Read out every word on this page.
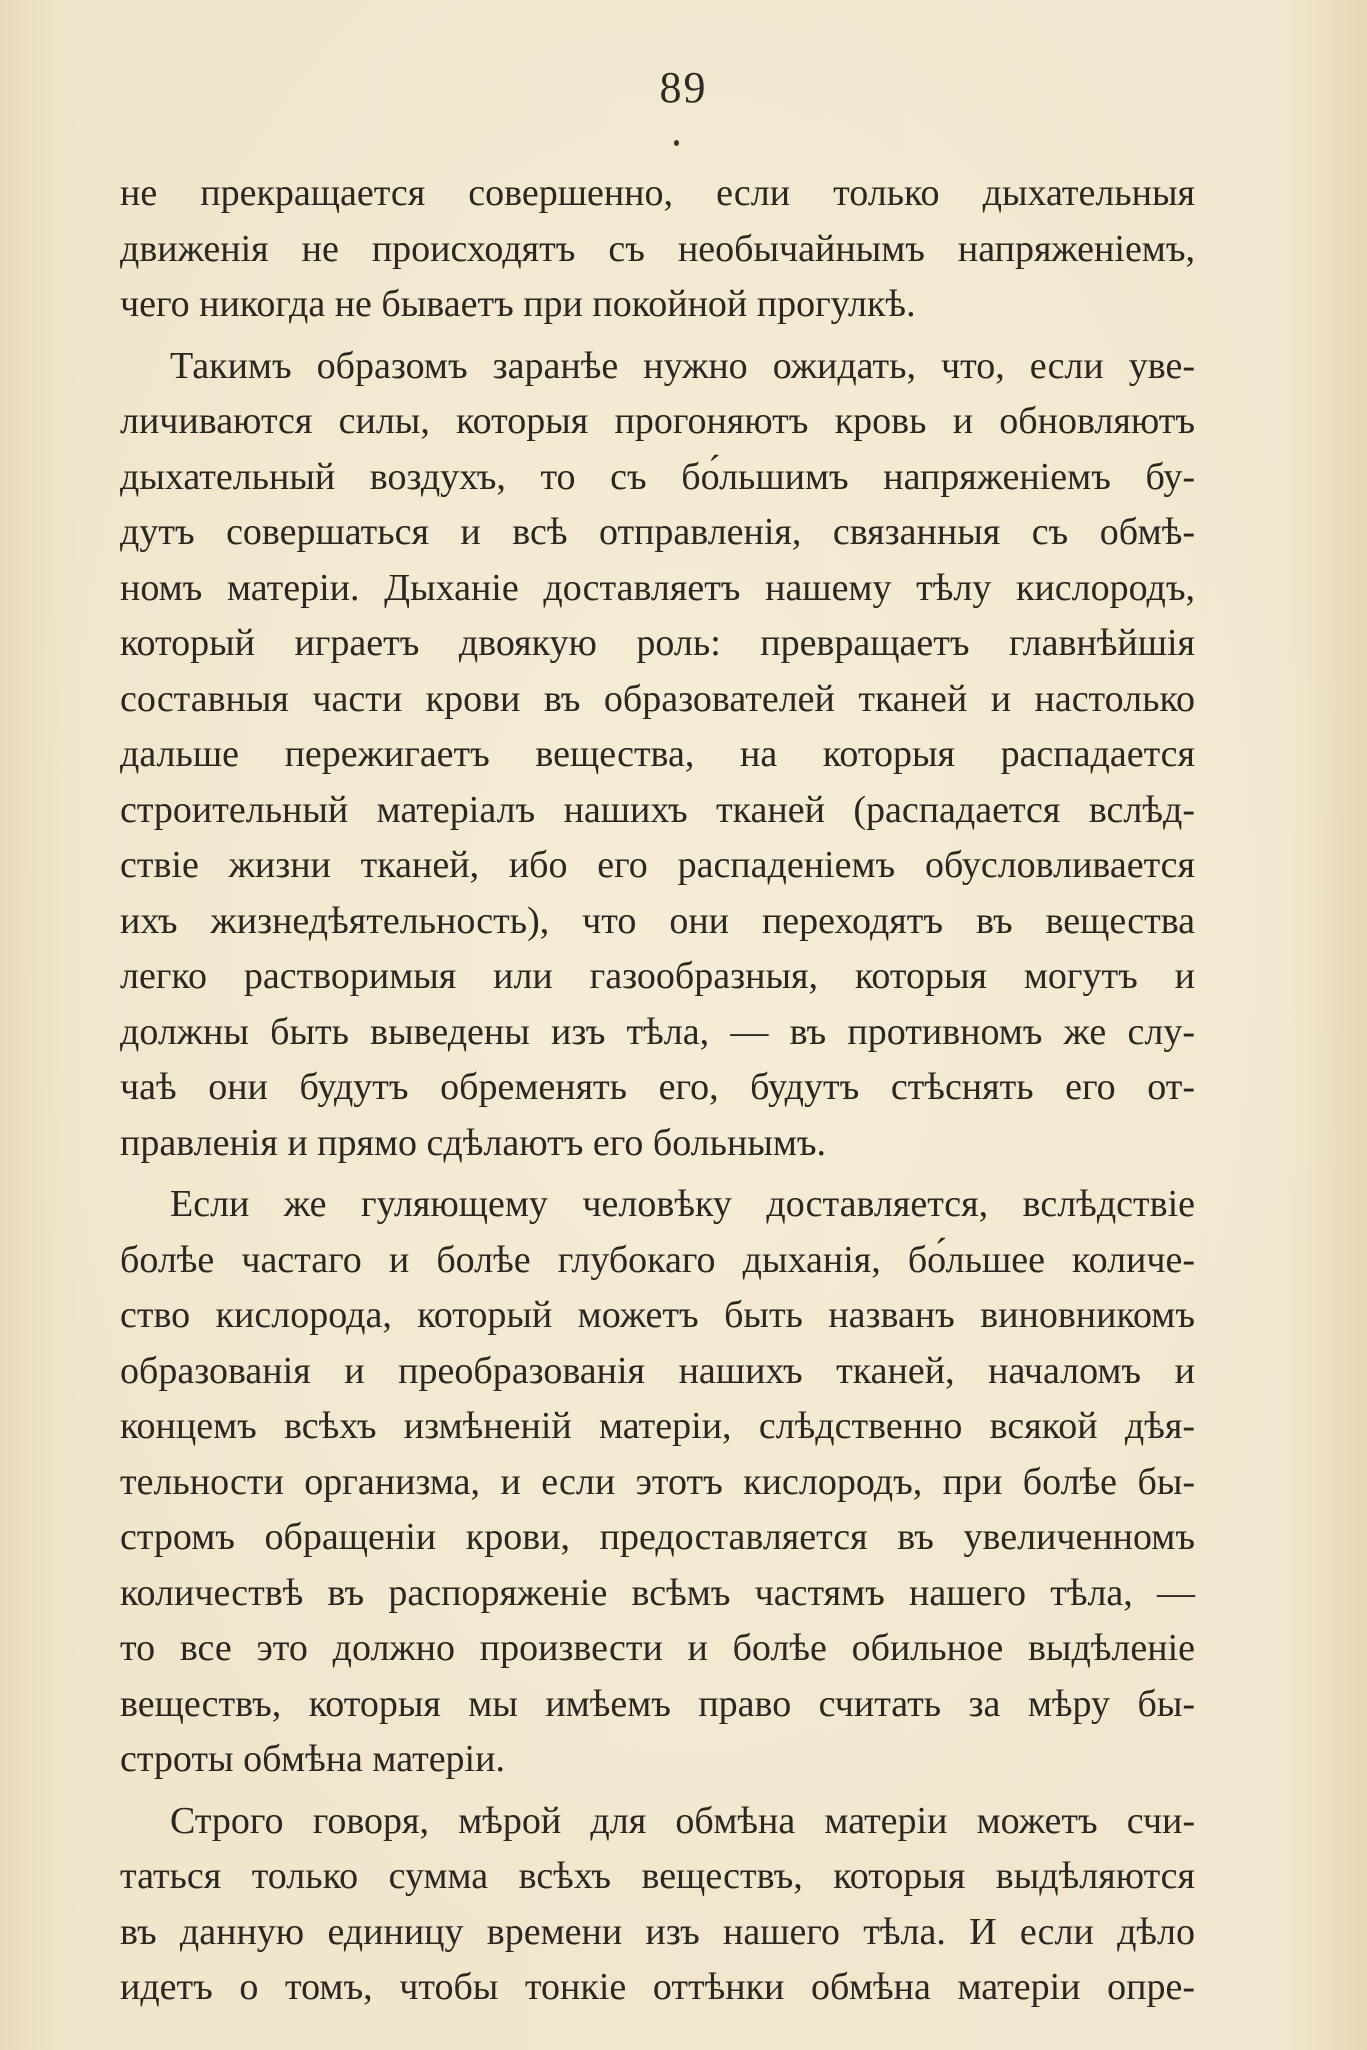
89
не прекращается совершенно, если только дыхательныя
движенія не происходятъ съ необычайнымъ напряженіемъ,
чего никогда не бываетъ при покойной прогулкѣ.
Такимъ образомъ заранѣе нужно ожидать, что, если уве-
личиваются силы, которыя прогоняютъ кровь и обновляютъ
дыхательный воздухъ, то съ бо́льшимъ напряженіемъ бу-
дутъ совершаться и всѣ отправленія, связанныя съ обмѣ-
номъ матеріи. Дыханіе доставляетъ нашему тѣлу кислородъ,
который играетъ двоякую роль: превращаетъ главнѣйшія
составныя части крови въ образователей тканей и настолько
дальше пережигаетъ вещества, на которыя распадается
строительный матеріалъ нашихъ тканей (распадается вслѣд-
ствіе жизни тканей, ибо его распаденіемъ обусловливается
ихъ жизнедѣятельность), что они переходятъ въ вещества
легко растворимыя или газообразныя, которыя могутъ и
должны быть выведены изъ тѣла, — въ противномъ же слу-
чаѣ они будутъ обременять его, будутъ стѣснять его от-
правленія и прямо сдѣлаютъ его больнымъ.
Если же гуляющему человѣку доставляется, вслѣдствіе
болѣе частаго и болѣе глубокаго дыханія, бо́льшее количе-
ство кислорода, который можетъ быть названъ виновникомъ
образованія и преобразованія нашихъ тканей, началомъ и
концемъ всѣхъ измѣненій матеріи, слѣдственно всякой дѣя-
тельности организма, и если этотъ кислородъ, при болѣе бы-
стромъ обращеніи крови, предоставляется въ увеличенномъ
количествѣ въ распоряженіе всѣмъ частямъ нашего тѣла, —
то все это должно произвести и болѣе обильное выдѣленіе
веществъ, которыя мы имѣемъ право считать за мѣру бы-
строты обмѣна матеріи.
Строго говоря, мѣрой для обмѣна матеріи можетъ счи-
таться только сумма всѣхъ веществъ, которыя выдѣляются
въ данную единицу времени изъ нашего тѣла. И если дѣло
идетъ о томъ, чтобы тонкіе оттѣнки обмѣна матеріи опре-
